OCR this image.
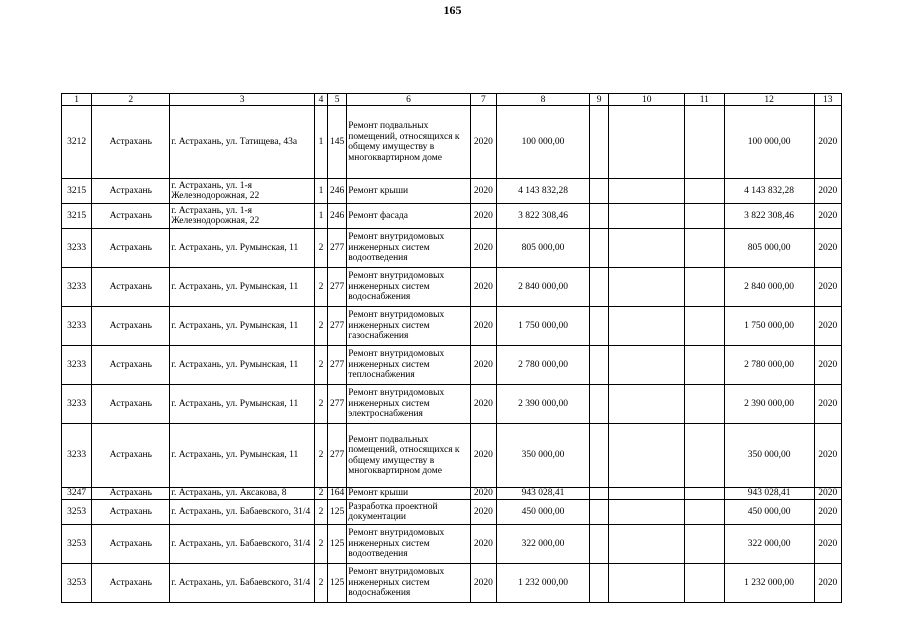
165
1	2	3	4	5	6	7	8	9	10	11	12	13
3212	Астрахань	г. Астрахань, ул. Татищева, 43а	1	145	Ремонт подвальных помещений, относящихся к общему имуществу в многоквартирном доме	2020	100 000,00				100 000,00	2020
3215	Астрахань	г. Астрахань, ул. 1-я Железнодорожная, 22	1	246	Ремонт крыши	2020	4 143 832,28				4 143 832,28	2020
3215	Астрахань	г. Астрахань, ул. 1-я Железнодорожная, 22	1	246	Ремонт фасада	2020	3 822 308,46				3 822 308,46	2020
3233	Астрахань	г. Астрахань, ул. Румынская, 11	2	277	Ремонт внутридомовых инженерных систем водоотведения	2020	805 000,00				805 000,00	2020
3233	Астрахань	г. Астрахань, ул. Румынская, 11	2	277	Ремонт внутридомовых инженерных систем водоснабжения	2020	2 840 000,00				2 840 000,00	2020
3233	Астрахань	г. Астрахань, ул. Румынская, 11	2	277	Ремонт внутридомовых инженерных систем газоснабжения	2020	1 750 000,00				1 750 000,00	2020
3233	Астрахань	г. Астрахань, ул. Румынская, 11	2	277	Ремонт внутридомовых инженерных систем теплоснабжения	2020	2 780 000,00				2 780 000,00	2020
3233	Астрахань	г. Астрахань, ул. Румынская, 11	2	277	Ремонт внутридомовых инженерных систем электроснабжения	2020	2 390 000,00				2 390 000,00	2020
3233	Астрахань	г. Астрахань, ул. Румынская, 11	2	277	Ремонт подвальных помещений, относящихся к общему имуществу в многоквартирном доме	2020	350 000,00				350 000,00	2020
3247	Астрахань	г. Астрахань, ул. Аксакова, 8	2	164	Ремонт крыши	2020	943 028,41				943 028,41	2020
3253	Астрахань	г. Астрахань, ул. Бабаевского, 31/4	2	125	Разработка проектной документации	2020	450 000,00				450 000,00	2020
3253	Астрахань	г. Астрахань, ул. Бабаевского, 31/4	2	125	Ремонт внутридомовых инженерных систем водоотведения	2020	322 000,00				322 000,00	2020
3253	Астрахань	г. Астрахань, ул. Бабаевского, 31/4	2	125	Ремонт внутридомовых инженерных систем водоснабжения	2020	1 232 000,00				1 232 000,00	2020
